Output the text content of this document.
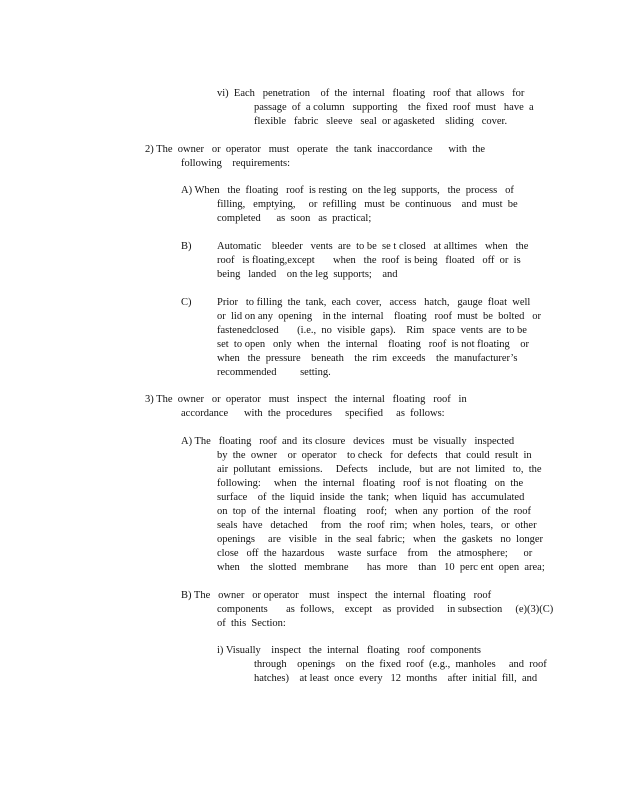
vi)  Each   penetration    of  the  internal   floating   roof  that  allows   for
passage  of  a column   supporting    the  fixed  roof  must   have  a
flexible   fabric   sleeve   seal  or agasketed    sliding   cover.
2) The  owner   or  operator   must   operate   the  tank  inaccordance      with  the
following    requirements:
A) When   the  floating   roof  is resting  on  the leg  supports,   the  process   of
filling,   emptying,     or  refilling   must  be  continuous    and  must  be
completed      as  soon   as  practical;
B) Automatic    bleeder   vents  are  to be  se t closed   at alltimes   when   the
roof   is floating,except       when   the  roof  is being   floated   off  or  is
being   landed    on the leg  supports;    and
C) Prior   to filling  the  tank,  each  cover,   access   hatch,   gauge  float  well
or  lid on any  opening    in the  internal    floating   roof  must  be  bolted   or
fastenedclosed       (i.e.,  no  visible  gaps).    Rim   space  vents  are  to be
set  to open   only  when   the  internal    floating   roof  is not floating    or
when   the  pressure    beneath    the  rim  exceeds    the  manufacturer’s
recommended         setting.
3) The  owner   or  operator   must   inspect   the  internal   floating   roof   in
accordance      with  the  procedures     specified     as  follows:
A) The   floating   roof  and  its closure   devices   must  be  visually   inspected
by  the  owner    or  operator    to check   for  defects   that  could  result  in
air  pollutant   emissions.     Defects    include,   but  are  not  limited   to,  the
following:     when   the  internal   floating   roof  is not  floating   on  the
surface    of  the  liquid  inside  the  tank;  when  liquid  has  accumulated
on  top  of  the  internal   floating    roof;   when  any  portion   of  the  roof
seals  have   detached     from   the  roof  rim;  when  holes,  tears,   or  other
openings     are   visible   in  the  seal  fabric;   when   the  gaskets   no  longer
close   off  the  hazardous     waste  surface    from    the  atmosphere;      or
when    the  slotted   membrane       has  more    than   10  perc ent  open  area;
B) The   owner   or operator    must   inspect   the  internal   floating   roof
components       as  follows,    except    as  provided     in subsection     (e)(3)(C)
of  this  Section:
i) Visually    inspect   the  internal   floating   roof  components
through    openings    on  the  fixed  roof  (e.g.,  manholes     and  roof
hatches)    at least  once  every   12  months    after  initial  fill,  and
